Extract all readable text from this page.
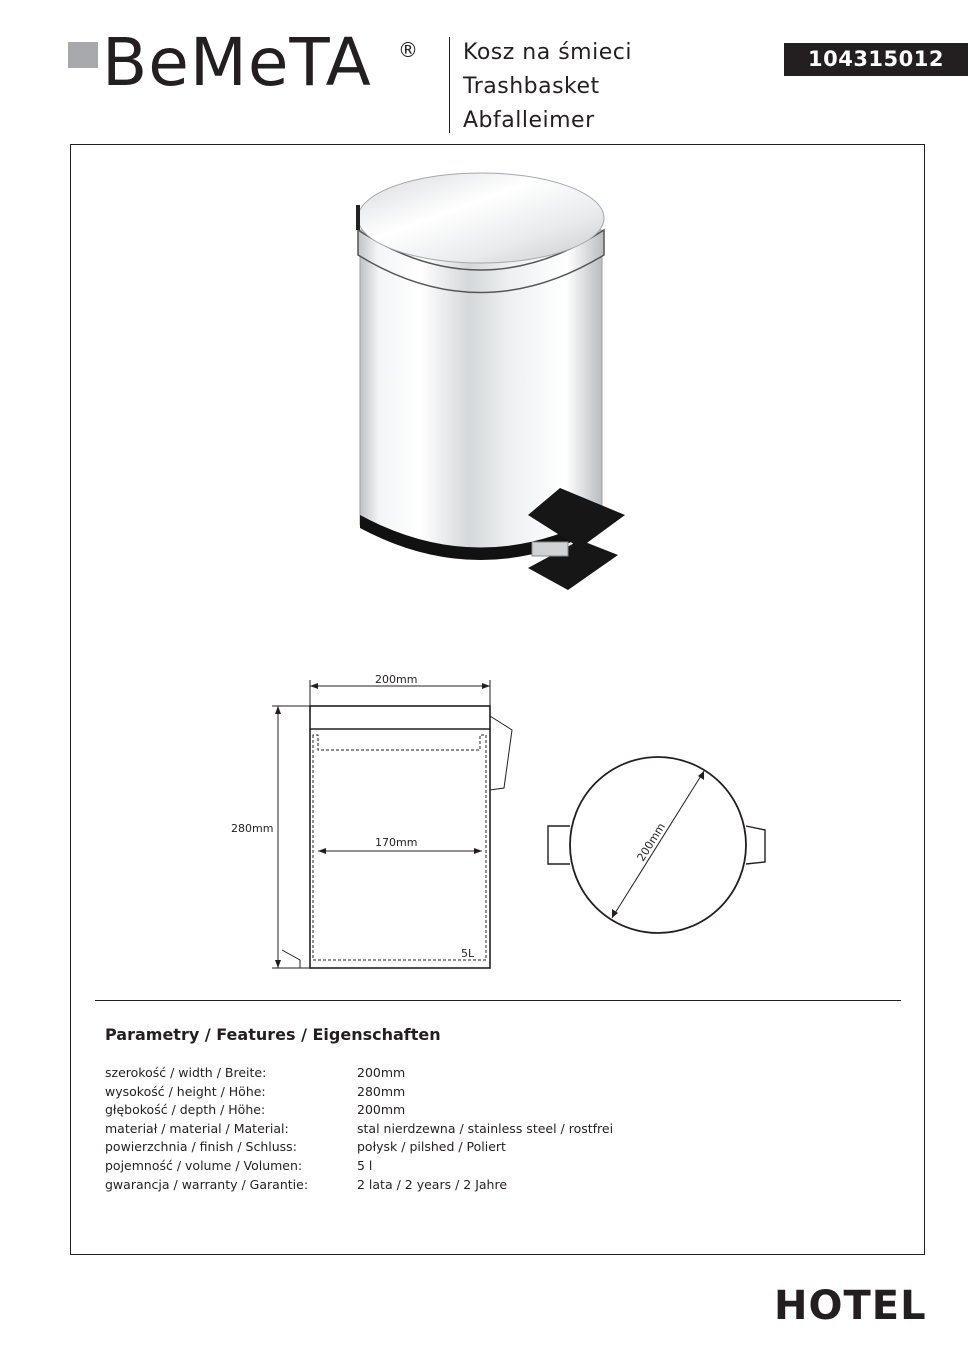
BeMeTA ® Kosz na śmieci
Trashbasket
Abfalleimer
104315012
200mm
170mm
280mm
5L
200mm
Parametry / Features / Eigenschaften
szerokość / width / Breite:	200mm
wysokość / height / Höhe:	280mm
głębokość / depth / Höhe:	200mm
materiał / material / Material:	stal nierdzewna / stainless steel / rostfrei
powierzchnia / finish / Schluss:	połysk / pilshed / Poliert
pojemność / volume / Volumen:	5 l
gwarancja / warranty / Garantie:	2 lata / 2 years / 2 Jahre
HOTEL
